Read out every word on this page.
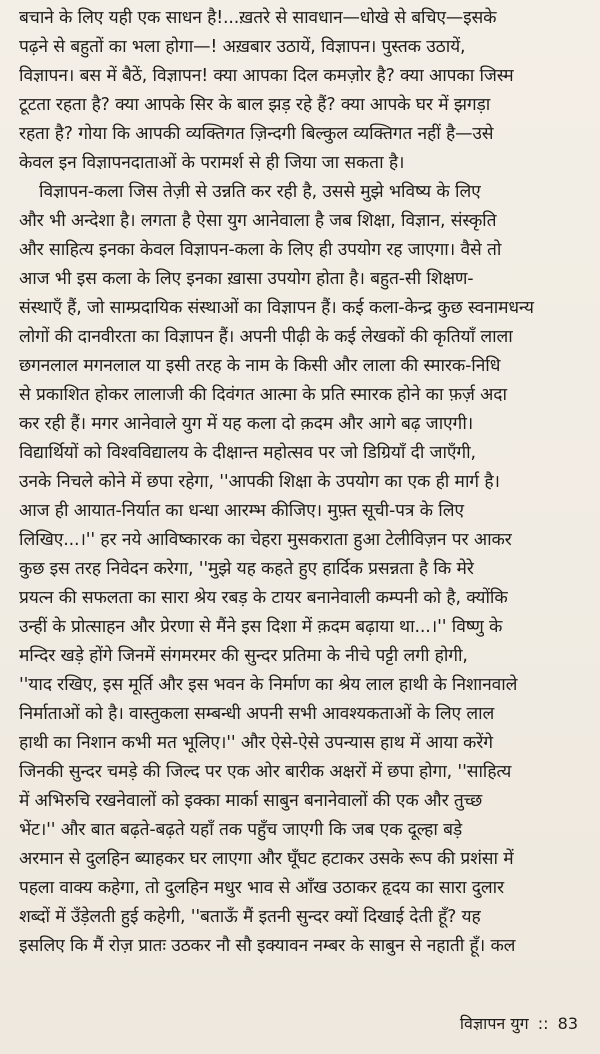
बचाने के लिए यही एक साधन है!...ख़तरे से सावधान—धोखे से बचिए—इसके
पढ़ने से बहुतों का भला होगा—! अख़बार उठायें, विज्ञापन। पुस्तक उठायें,
विज्ञापन। बस में बैठें, विज्ञापन! क्या आपका दिल कमज़ोर है? क्या आपका जिस्म
टूटता रहता है? क्या आपके सिर के बाल झड़ रहे हैं? क्या आपके घर में झगड़ा
रहता है? गोया कि आपकी व्यक्तिगत ज़िन्दगी बिल्कुल व्यक्तिगत नहीं है—उसे
केवल इन विज्ञापनदाताओं के परामर्श से ही जिया जा सकता है।
विज्ञापन-कला जिस तेज़ी से उन्नति कर रही है, उससे मुझे भविष्य के लिए
और भी अन्देशा है। लगता है ऐसा युग आनेवाला है जब शिक्षा, विज्ञान, संस्कृति
और साहित्य इनका केवल विज्ञापन-कला के लिए ही उपयोग रह जाएगा। वैसे तो
आज भी इस कला के लिए इनका ख़ासा उपयोग होता है। बहुत-सी शिक्षण-
संस्थाएँ हैं, जो साम्प्रदायिक संस्थाओं का विज्ञापन हैं। कई कला-केन्द्र कुछ स्वनामधन्य
लोगों की दानवीरता का विज्ञापन हैं। अपनी पीढ़ी के कई लेखकों की कृतियाँ लाला
छगनलाल मगनलाल या इसी तरह के नाम के किसी और लाला की स्मारक-निधि
से प्रकाशित होकर लालाजी की दिवंगत आत्मा के प्रति स्मारक होने का फ़र्ज़ अदा
कर रही हैं। मगर आनेवाले युग में यह कला दो क़दम और आगे बढ़ जाएगी।
विद्यार्थियों को विश्वविद्यालय के दीक्षान्त महोत्सव पर जो डिग्रियाँ दी जाएँगी,
उनके निचले कोने में छपा रहेगा, ''आपकी शिक्षा के उपयोग का एक ही मार्ग है।
आज ही आयात-निर्यात का धन्धा आरम्भ कीजिए। मुफ़्त सूची-पत्र के लिए
लिखिए...।'' हर नये आविष्कारक का चेहरा मुसकराता हुआ टेलीविज़न पर आकर
कुछ इस तरह निवेदन करेगा, ''मुझे यह कहते हुए हार्दिक प्रसन्नता है कि मेरे
प्रयत्न की सफलता का सारा श्रेय रबड़ के टायर बनानेवाली कम्पनी को है, क्योंकि
उन्हीं के प्रोत्साहन और प्रेरणा से मैंने इस दिशा में क़दम बढ़ाया था...।'' विष्णु के
मन्दिर खड़े होंगे जिनमें संगमरमर की सुन्दर प्रतिमा के नीचे पट्टी लगी होगी,
''याद रखिए, इस मूर्ति और इस भवन के निर्माण का श्रेय लाल हाथी के निशानवाले
निर्माताओं को है। वास्तुकला सम्बन्धी अपनी सभी आवश्यकताओं के लिए लाल
हाथी का निशान कभी मत भूलिए।'' और ऐसे-ऐसे उपन्यास हाथ में आया करेंगे
जिनकी सुन्दर चमड़े की जिल्द पर एक ओर बारीक अक्षरों में छपा होगा, ''साहित्य
में अभिरुचि रखनेवालों को इक्का मार्का साबुन बनानेवालों की एक और तुच्छ
भेंट।'' और बात बढ़ते-बढ़ते यहाँ तक पहुँच जाएगी कि जब एक दूल्हा बड़े
अरमान से दुलहिन ब्याहकर घर लाएगा और घूँघट हटाकर उसके रूप की प्रशंसा में
पहला वाक्य कहेगा, तो दुलहिन मधुर भाव से आँख उठाकर हृदय का सारा दुलार
शब्दों में उँड़ेलती हुई कहेगी, ''बताऊँ मैं इतनी सुन्दर क्यों दिखाई देती हूँ? यह
इसलिए कि मैं रोज़ प्रातः उठकर नौ सौ इक्यावन नम्बर के साबुन से नहाती हूँ। कल
विज्ञापन युग :: 83
